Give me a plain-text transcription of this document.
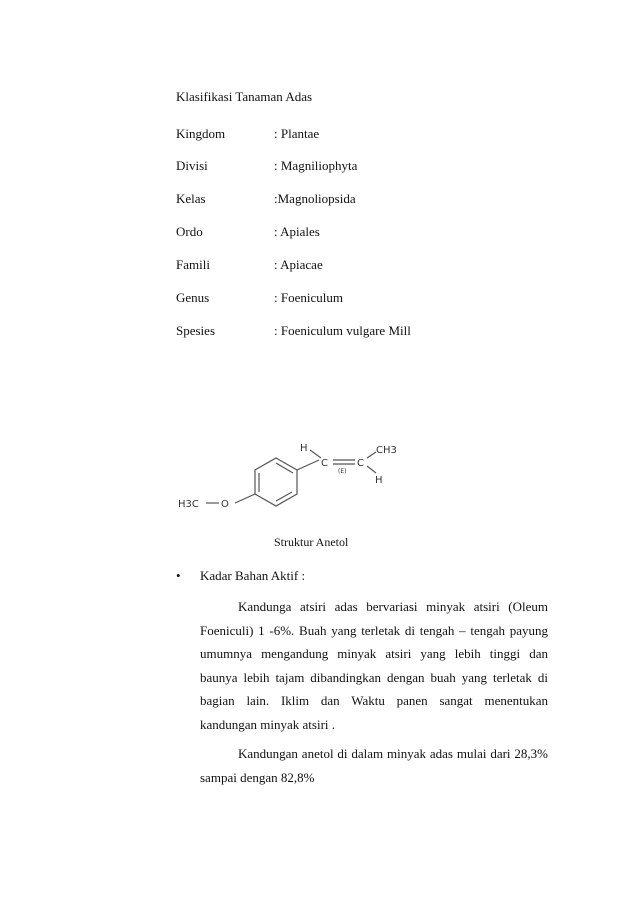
Klasifikasi Tanaman Adas
Kingdom	: Plantae
Divisi	: Magniliophyta
Kelas	:Magnoliopsida
Ordo	: Apiales
Famili	: Apiacae
Genus	: Foeniculum
Spesies	: Foeniculum vulgare Mill
H	CH3
C	C
(E)
H
H3C O
Struktur Anetol
• Kadar Bahan Aktif :
Kandunga atsiri adas bervariasi minyak atsiri (Oleum Foeniculi) 1 -6%. Buah yang terletak di tengah – tengah payung umumnya mengandung minyak atsiri yang lebih tinggi dan baunya lebih tajam dibandingkan dengan buah yang terletak di bagian lain. Iklim dan Waktu panen sangat menentukan kandungan minyak atsiri .
Kandungan anetol di dalam minyak adas mulai dari 28,3% sampai dengan 82,8%
